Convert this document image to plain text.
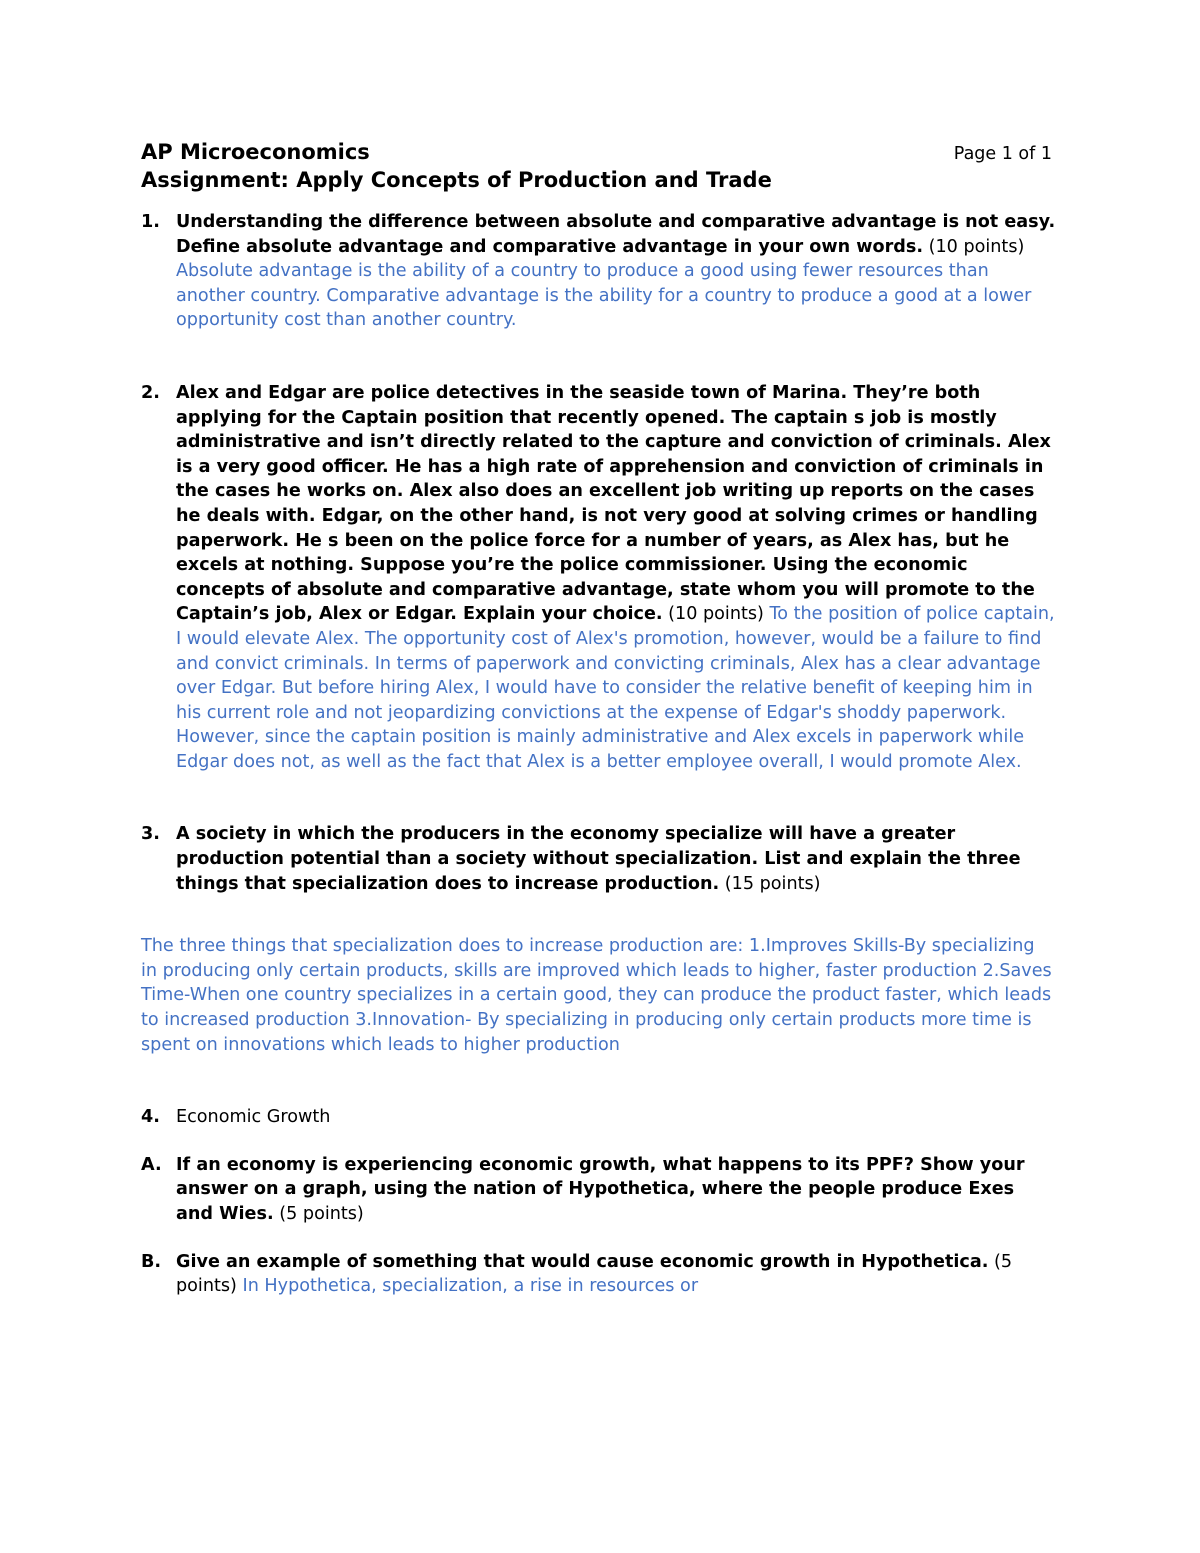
AP Microeconomics	Page 1 of 1
Assignment: Apply Concepts of Production and Trade
1. Understanding the difference between absolute and comparative advantage is not easy. Define absolute advantage and comparative advantage in your own words. (10 points) Absolute advantage is the ability of a country to produce a good using fewer resources than another country. Comparative advantage is the ability for a country to produce a good at a lower opportunity cost than another country.
2. Alex and Edgar are police detectives in the seaside town of Marina. They’re both applying for the Captain position that recently opened. The captain s job is mostly administrative and isn’t directly related to the capture and conviction of criminals. Alex is a very good officer. He has a high rate of apprehension and conviction of criminals in the cases he works on. Alex also does an excellent job writing up reports on the cases he deals with. Edgar, on the other hand, is not very good at solving crimes or handling paperwork. He s been on the police force for a number of years, as Alex has, but he excels at nothing. Suppose you’re the police commissioner. Using the economic concepts of absolute and comparative advantage, state whom you will promote to the Captain’s job, Alex or Edgar. Explain your choice. (10 points) To the position of police captain, I would elevate Alex. The opportunity cost of Alex's promotion, however, would be a failure to find and convict criminals. In terms of paperwork and convicting criminals, Alex has a clear advantage over Edgar. But before hiring Alex, I would have to consider the relative benefit of keeping him in his current role and not jeopardizing convictions at the expense of Edgar's shoddy paperwork. However, since the captain position is mainly administrative and Alex excels in paperwork while Edgar does not, as well as the fact that Alex is a better employee overall, I would promote Alex.
3. A society in which the producers in the economy specialize will have a greater production potential than a society without specialization. List and explain the three things that specialization does to increase production. (15 points)
The three things that specialization does to increase production are: 1.Improves Skills-By specializing in producing only certain products, skills are improved which leads to higher, faster production 2.Saves Time-When one country specializes in a certain good, they can produce the product faster, which leads to increased production 3.Innovation- By specializing in producing only certain products more time is spent on innovations which leads to higher production
4. Economic Growth
A. If an economy is experiencing economic growth, what happens to its PPF? Show your answer on a graph, using the nation of Hypothetica, where the people produce Exes and Wies. (5 points)
B. Give an example of something that would cause economic growth in Hypothetica. (5 points) In Hypothetica, specialization, a rise in resources or
